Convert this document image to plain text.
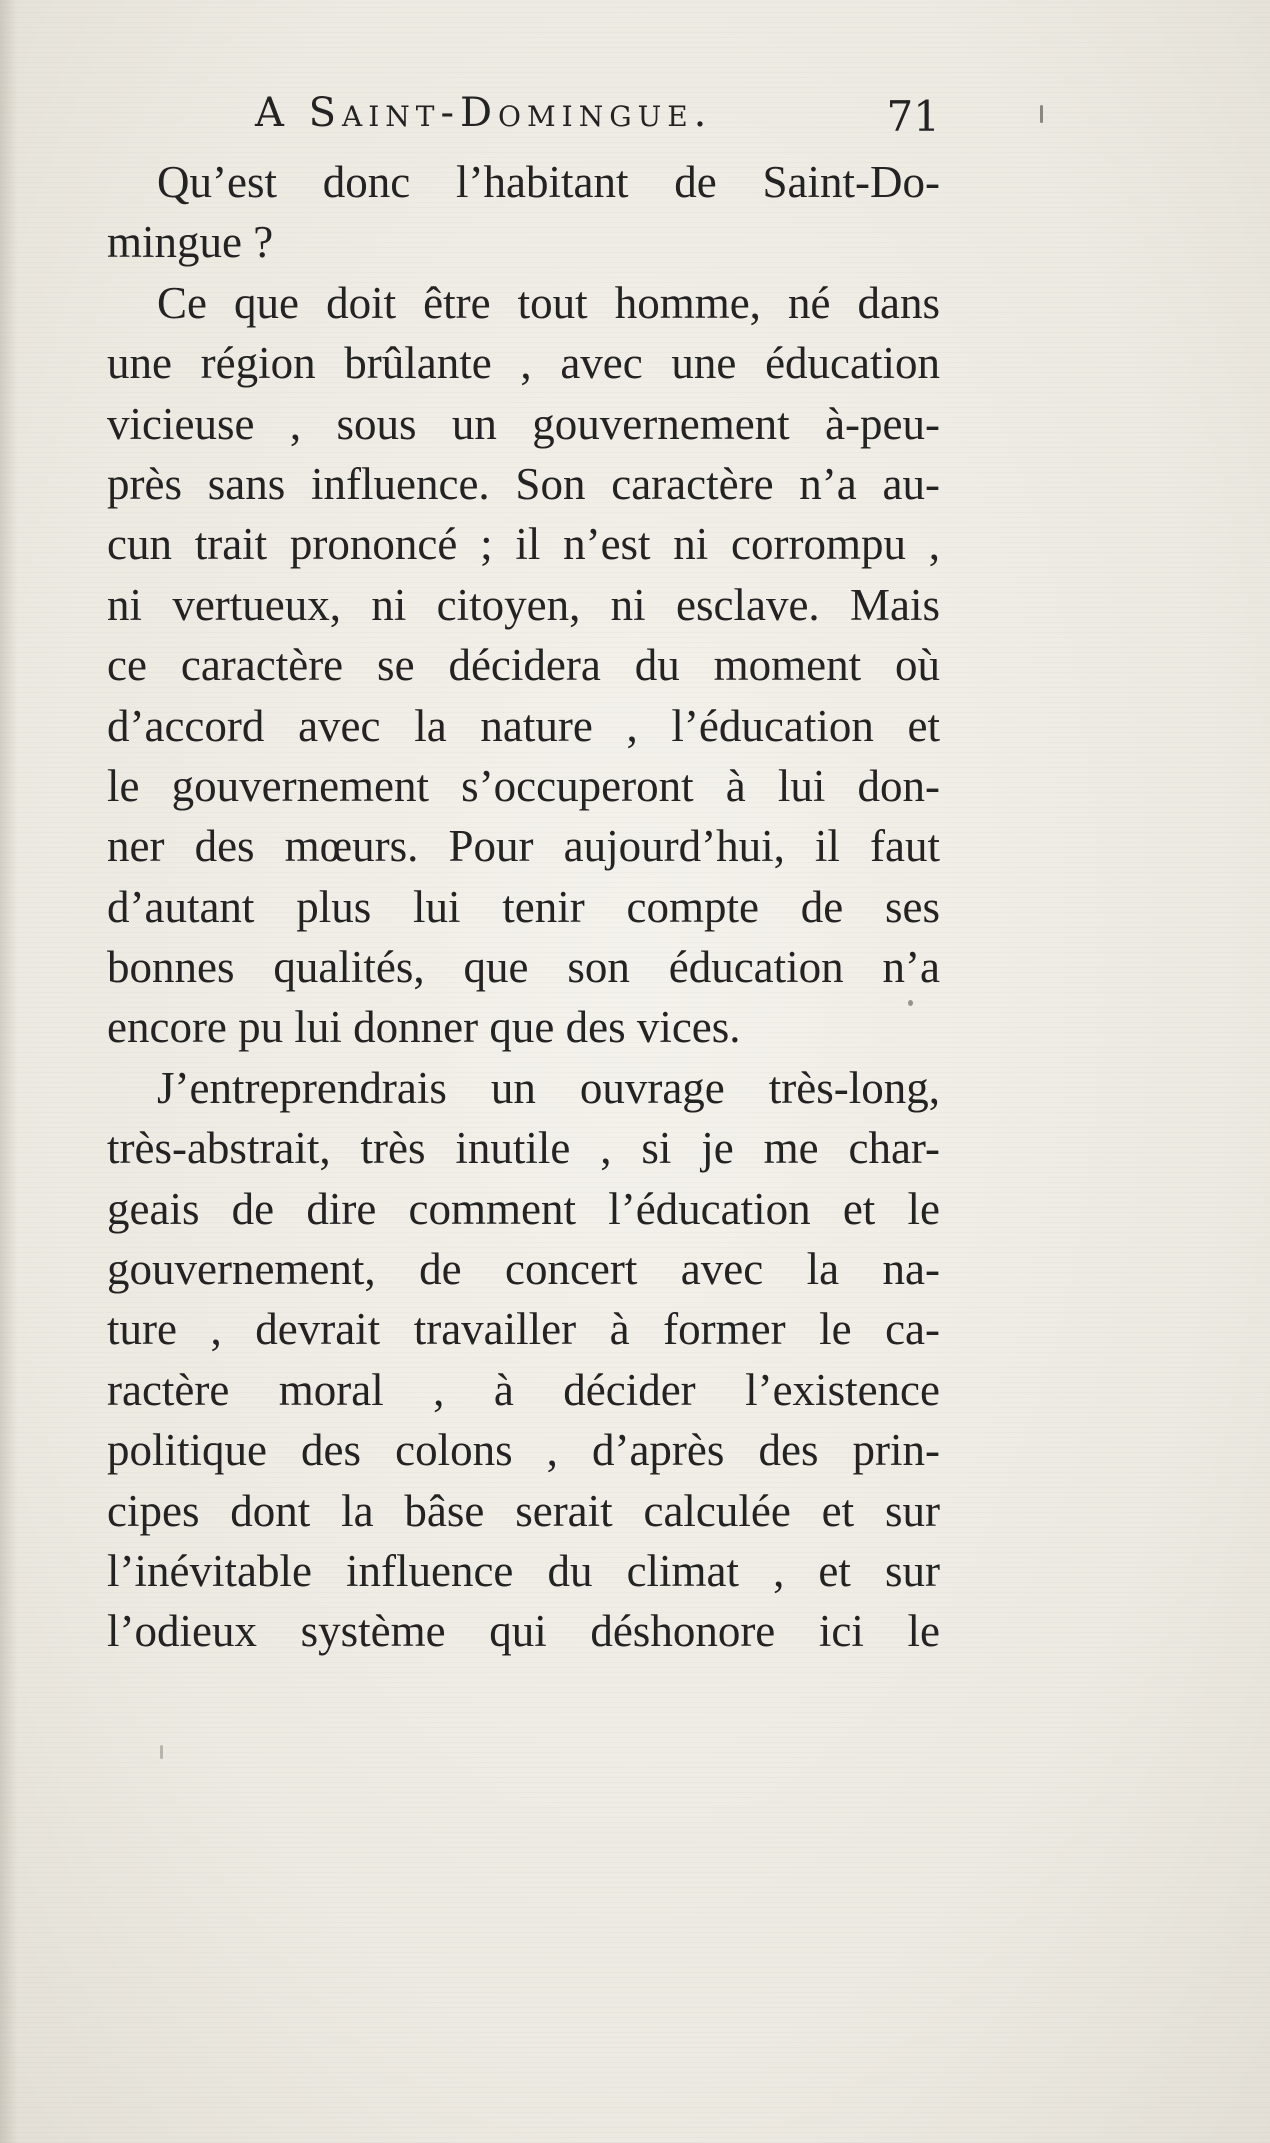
A Saint-Domingue.	71
Qu’est donc l’habitant de Saint-Do-
mingue ?
Ce que doit être tout homme, né dans
une région brûlante , avec une éducation
vicieuse , sous un gouvernement à-peu-
près sans influence. Son caractère n’a au-
cun trait prononcé ; il n’est ni corrompu ,
ni vertueux, ni citoyen, ni esclave. Mais
ce caractère se décidera du moment où
d’accord avec la nature , l’éducation et
le gouvernement s’occuperont à lui don-
ner des mœurs. Pour aujourd’hui, il faut
d’autant plus lui tenir compte de ses
bonnes qualités, que son éducation n’a
encore pu lui donner que des vices.
J’entreprendrais un ouvrage très-long,
très-abstrait, très inutile , si je me char-
geais de dire comment l’éducation et le
gouvernement, de concert avec la na-
ture , devrait travailler à former le ca-
ractère moral , à décider l’existence
politique des colons , d’après des prin-
cipes dont la bâse serait calculée et sur
l’inévitable influence du climat , et sur
l’odieux système qui déshonore ici le
